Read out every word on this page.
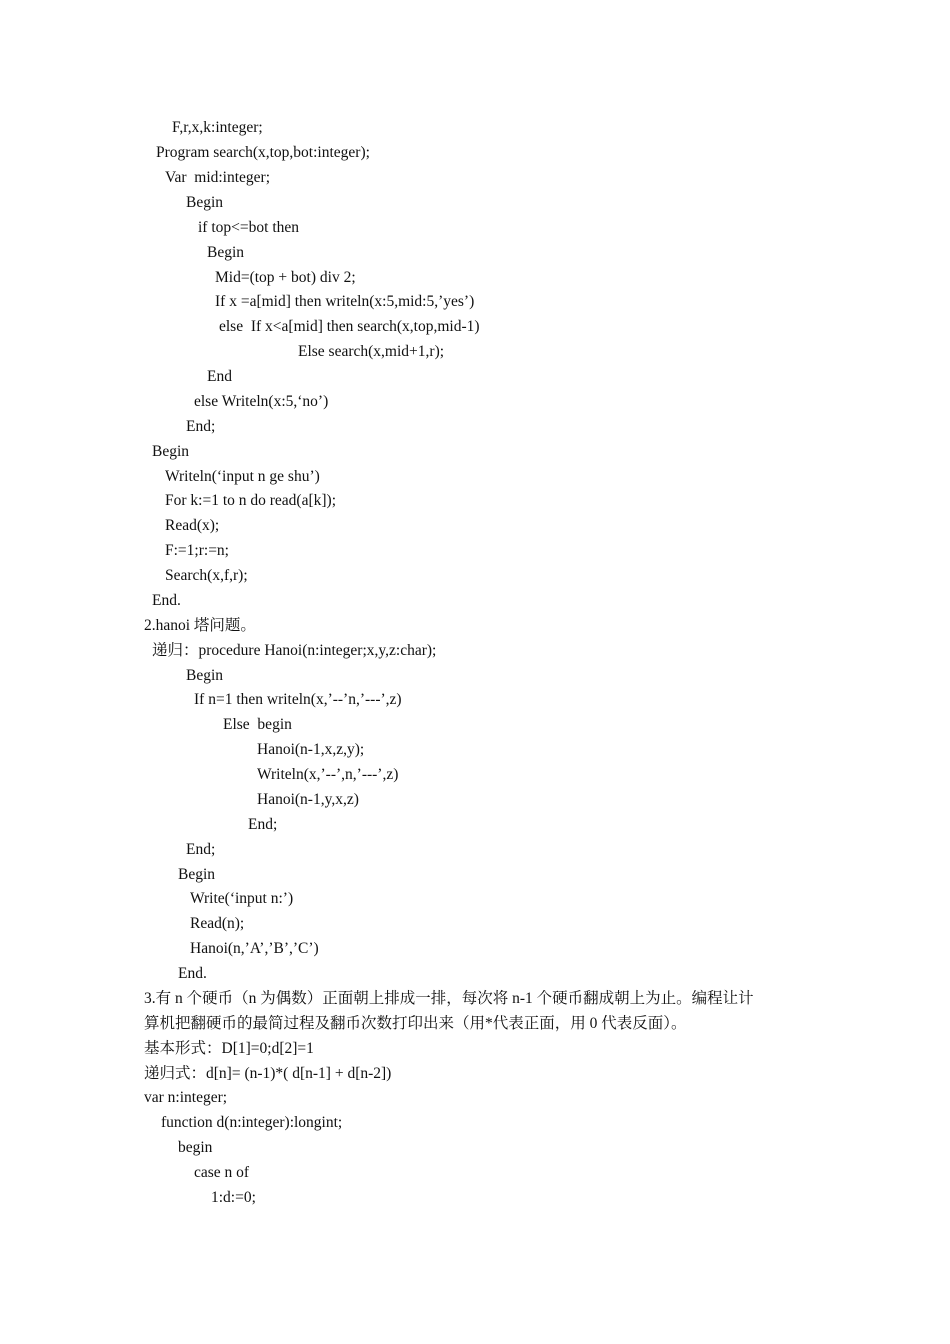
F,r,x,k:integer;
Program search(x,top,bot:integer);
Var  mid:integer;
Begin
if top<=bot then
Begin
Mid=(top + bot) div 2;
If x =a[mid] then writeln(x:5,mid:5,’yes’)
else  If x<a[mid] then search(x,top,mid-1)
Else search(x,mid+1,r);
End
else Writeln(x:5,‘no’)
End;
Begin
Writeln(‘input n ge shu’)
For k:=1 to n do read(a[k]);
Read(x);
F:=1;r:=n;
Search(x,f,r);
End.
2.hanoi 塔问题。
递归：procedure Hanoi(n:integer;x,y,z:char);
Begin
If n=1 then writeln(x,’--’n,’---’,z)
Else  begin
Hanoi(n-1,x,z,y);
Writeln(x,’--’,n,’---’,z)
Hanoi(n-1,y,x,z)
End;
End;
Begin
Write(‘input n:’)
Read(n);
Hanoi(n,’A’,’B’,’C’)
End.
3.有 n 个硬币（n 为偶数）正面朝上排成一排，每次将 n-1 个硬币翻成朝上为止。编程让计
算机把翻硬币的最简过程及翻币次数打印出来（用*代表正面，用 0 代表反面）。
基本形式：D[1]=0;d[2]=1
递归式：d[n]= (n-1)*( d[n-1] + d[n-2])
var n:integer;
function d(n:integer):longint;
begin
case n of
1:d:=0;
